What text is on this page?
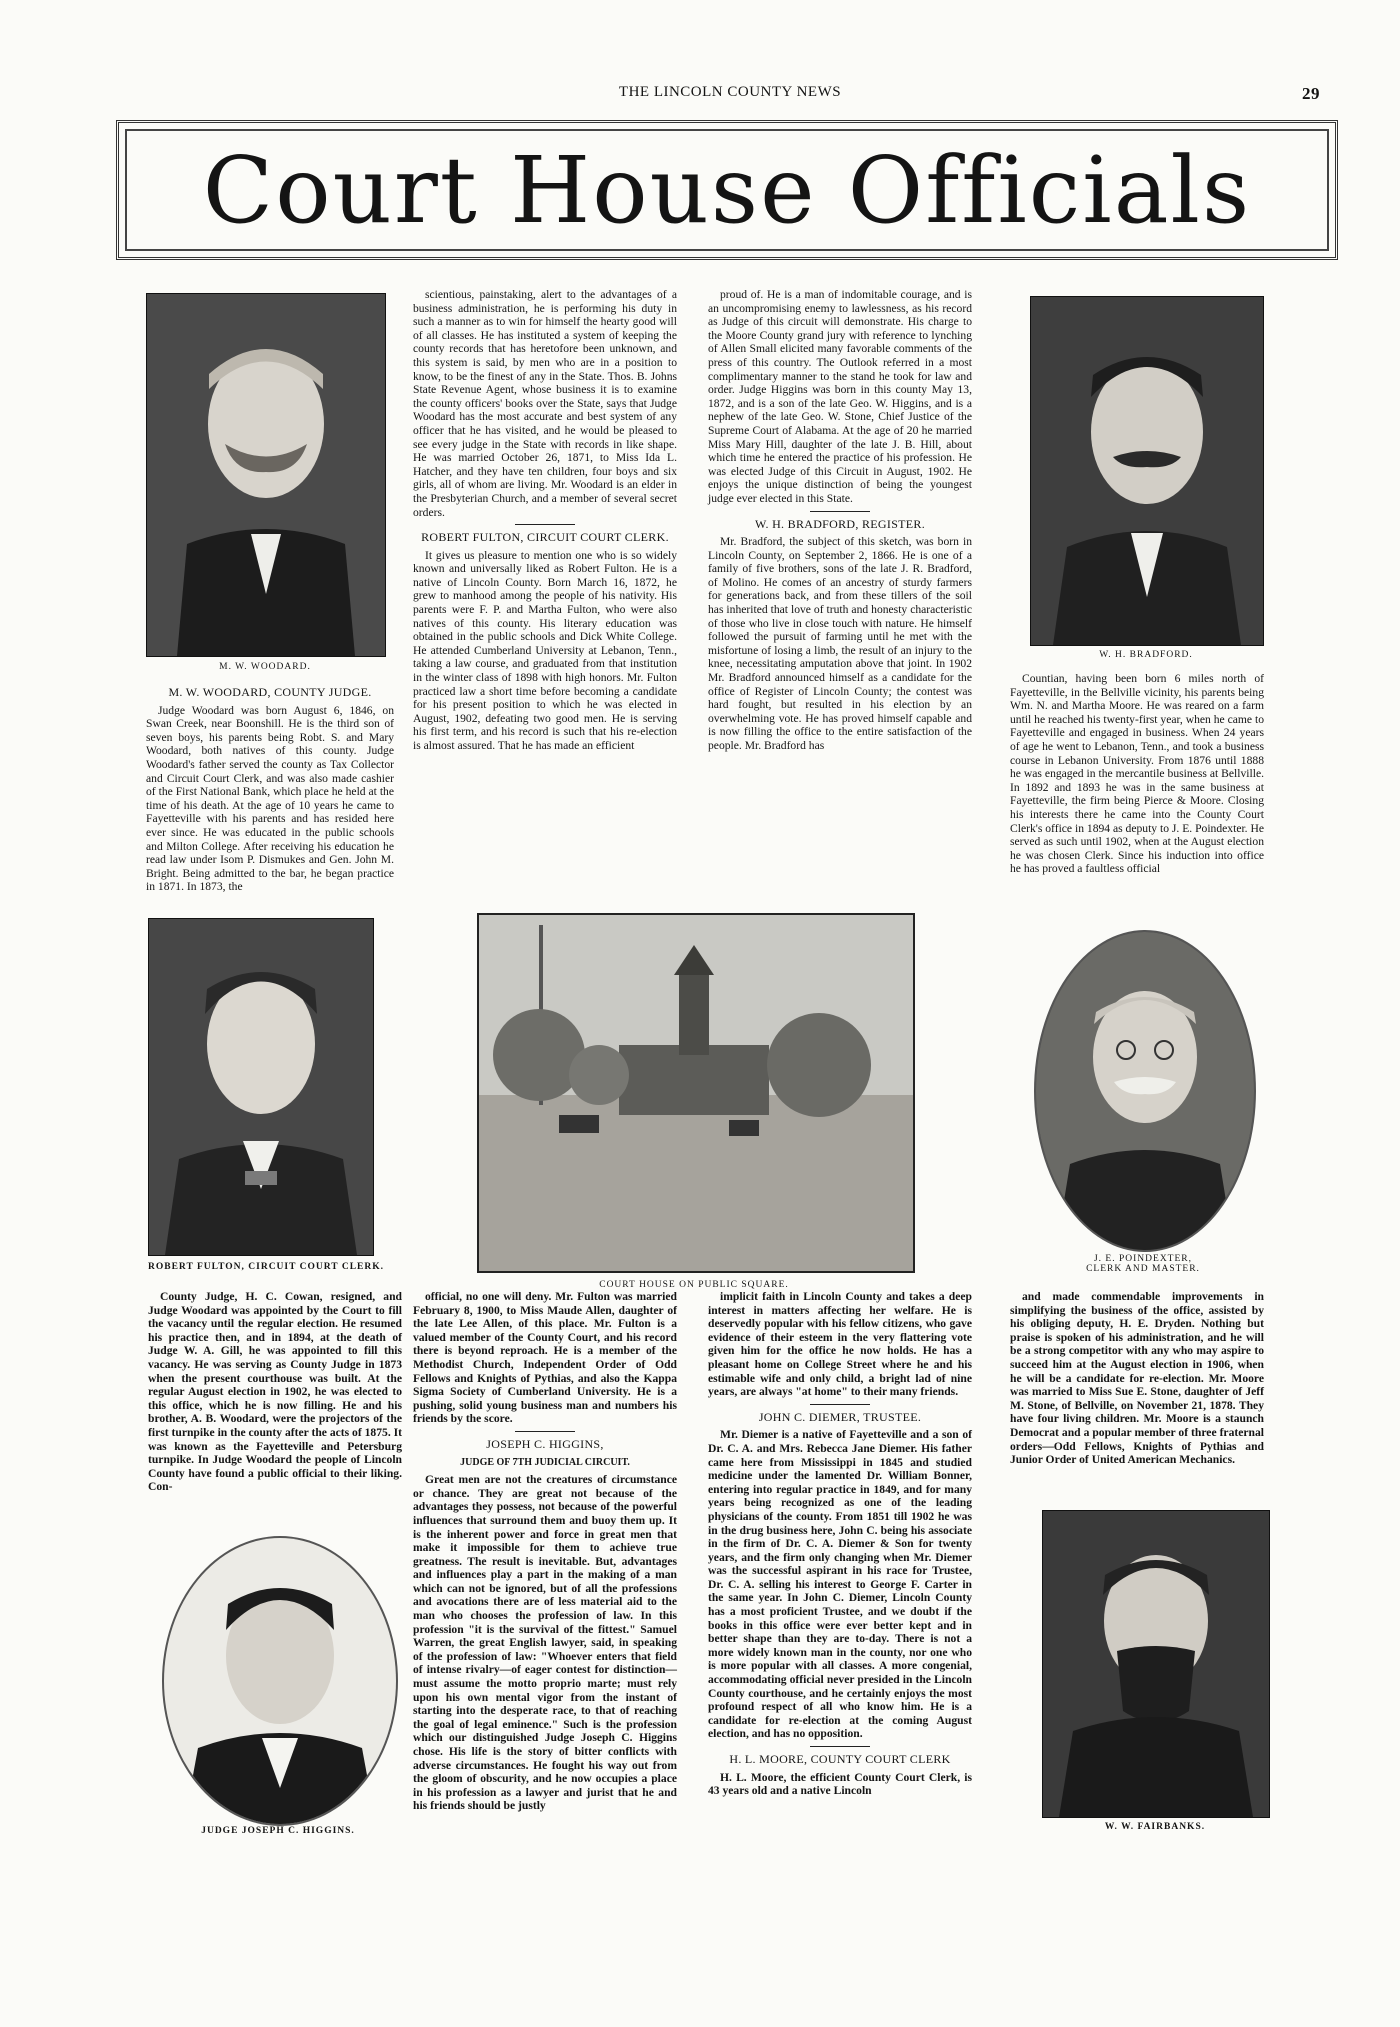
THE LINCOLN COUNTY NEWS	29
Court House Officials
M. W. WOODARD.
M. W. WOODARD, COUNTY JUDGE.

Judge Woodard was born August 6, 1846, on Swan Creek, near Boonshill. He is the third son of seven boys, his parents being Robt. S. and Mary Woodard, both natives of this county. Judge Woodard's father served the county as Tax Collector and Circuit Court Clerk, and was also made cashier of the First National Bank, which place he held at the time of his death. At the age of 10 years he came to Fayetteville with his parents and has resided here ever since. He was educated in the public schools and Milton College. After receiving his education he read law under Isom P. Dismukes and Gen. John M. Bright. Being admitted to the bar, he began practice in 1871. In 1873, the

scientious, painstaking, alert to the advantages of a business administration, he is performing his duty in such a manner as to win for himself the hearty good will of all classes. He has instituted a system of keeping the county records that has heretofore been unknown, and this system is said, by men who are in a position to know, to be the finest of any in the State. Thos. B. Johns State Revenue Agent, whose business it is to examine the county officers' books over the State, says that Judge Woodard has the most accurate and best system of any officer that he has visited, and he would be pleased to see every judge in the State with records in like shape. He was married October 26, 1871, to Miss Ida L. Hatcher, and they have ten children, four boys and six girls, all of whom are living. Mr. Woodard is an elder in the Presbyterian Church, and a member of several secret orders.

ROBERT FULTON, CIRCUIT COURT CLERK.

It gives us pleasure to mention one who is so widely known and universally liked as Robert Fulton. He is a native of Lincoln County. Born March 16, 1872, he grew to manhood among the people of his nativity. His parents were F. P. and Martha Fulton, who were also natives of this county. His literary education was obtained in the public schools and Dick White College. He attended Cumberland University at Lebanon, Tenn., taking a law course, and graduated from that institution in the winter class of 1898 with high honors. Mr. Fulton practiced law a short time before becoming a candidate for his present position to which he was elected in August, 1902, defeating two good men. He is serving his first term, and his record is such that his re-election is almost assured. That he has made an efficient

proud of. He is a man of indomitable courage, and is an uncompromising enemy to lawlessness, as his record as Judge of this circuit will demonstrate. His charge to the Moore County grand jury with reference to lynching of Allen Small elicited many favorable comments of the press of this country. The Outlook referred in a most complimentary manner to the stand he took for law and order. Judge Higgins was born in this county May 13, 1872, and is a son of the late Geo. W. Higgins, and is a nephew of the late Geo. W. Stone, Chief Justice of the Supreme Court of Alabama. At the age of 20 he married Miss Mary Hill, daughter of the late J. B. Hill, about which time he entered the practice of his profession. He was elected Judge of this Circuit in August, 1902. He enjoys the unique distinction of being the youngest judge ever elected in this State.

W. H. BRADFORD, REGISTER.

Mr. Bradford, the subject of this sketch, was born in Lincoln County, on September 2, 1866. He is one of a family of five brothers, sons of the late J. R. Bradford, of Molino. He comes of an ancestry of sturdy farmers for generations back, and from these tillers of the soil has inherited that love of truth and honesty characteristic of those who live in close touch with nature. He himself followed the pursuit of farming until he met with the misfortune of losing a limb, the result of an injury to the knee, necessitating amputation above that joint. In 1902 Mr. Bradford announced himself as a candidate for the office of Register of Lincoln County; the contest was hard fought, but resulted in his election by an overwhelming vote. He has proved himself capable and is now filling the office to the entire satisfaction of the people. Mr. Bradford has

W. H. BRADFORD.

Countian, having been born 6 miles north of Fayetteville, in the Bellville vicinity, his parents being Wm. N. and Martha Moore. He was reared on a farm until he reached his twenty-first year, when he came to Fayetteville and engaged in business. When 24 years of age he went to Lebanon, Tenn., and took a business course in Lebanon University. From 1876 until 1888 he was engaged in the mercantile business at Bellville. In 1892 and 1893 he was in the same business at Fayetteville, the firm being Pierce & Moore. Closing his interests there he came into the County Court Clerk's office in 1894 as deputy to J. E. Poindexter. He served as such until 1902, when at the August election he was chosen Clerk. Since his induction into office he has proved a faultless official

ROBERT FULTON, CIRCUIT COURT CLERK.
COURT HOUSE ON PUBLIC SQUARE.
J. E. POINDEXTER,
CLERK AND MASTER.

County Judge, H. C. Cowan, resigned, and Judge Woodard was appointed by the Court to fill the vacancy until the regular election. He resumed his practice then, and in 1894, at the death of Judge W. A. Gill, he was appointed to fill this vacancy. He was serving as County Judge in 1873 when the present courthouse was built. At the regular August election in 1902, he was elected to this office, which he is now filling. He and his brother, A. B. Woodard, were the projectors of the first turnpike in the county after the acts of 1875. It was known as the Fayetteville and Petersburg turnpike. In Judge Woodard the people of Lincoln County have found a public official to their liking. Con-

JUDGE JOSEPH C. HIGGINS.

official, no one will deny. Mr. Fulton was married February 8, 1900, to Miss Maude Allen, daughter of the late Lee Allen, of this place. Mr. Fulton is a valued member of the County Court, and his record there is beyond reproach. He is a member of the Methodist Church, Independent Order of Odd Fellows and Knights of Pythias, and also the Kappa Sigma Society of Cumberland University. He is a pushing, solid young business man and numbers his friends by the score.

JOSEPH C. HIGGINS,
JUDGE OF 7TH JUDICIAL CIRCUIT.

Great men are not the creatures of circumstance or chance. They are great not because of the advantages they possess, not because of the powerful influences that surround them and buoy them up. It is the inherent power and force in great men that make it impossible for them to achieve true greatness. The result is inevitable. But, advantages and influences play a part in the making of a man which can not be ignored, but of all the professions and avocations there are of less material aid to the man who chooses the profession of law. In this profession "it is the survival of the fittest." Samuel Warren, the great English lawyer, said, in speaking of the profession of law: "Whoever enters that field of intense rivalry—of eager contest for distinction—must assume the motto proprio marte; must rely upon his own mental vigor from the instant of starting into the desperate race, to that of reaching the goal of legal eminence." Such is the profession which our distinguished Judge Joseph C. Higgins chose. His life is the story of bitter conflicts with adverse circumstances. He fought his way out from the gloom of obscurity, and he now occupies a place in his profession as a lawyer and jurist that he and his friends should be justly

implicit faith in Lincoln County and takes a deep interest in matters affecting her welfare. He is deservedly popular with his fellow citizens, who gave evidence of their esteem in the very flattering vote given him for the office he now holds. He has a pleasant home on College Street where he and his estimable wife and only child, a bright lad of nine years, are always "at home" to their many friends.

JOHN C. DIEMER, TRUSTEE.

Mr. Diemer is a native of Fayetteville and a son of Dr. C. A. and Mrs. Rebecca Jane Diemer. His father came here from Mississippi in 1845 and studied medicine under the lamented Dr. William Bonner, entering into regular practice in 1849, and for many years being recognized as one of the leading physicians of the county. From 1851 till 1902 he was in the drug business here, John C. being his associate in the firm of Dr. C. A. Diemer & Son for twenty years, and the firm only changing when Mr. Diemer was the successful aspirant in his race for Trustee, Dr. C. A. selling his interest to George F. Carter in the same year. In John C. Diemer, Lincoln County has a most proficient Trustee, and we doubt if the books in this office were ever better kept and in better shape than they are to-day. There is not a more widely known man in the county, nor one who is more popular with all classes. A more congenial, accommodating official never presided in the Lincoln County courthouse, and he certainly enjoys the most profound respect of all who know him. He is a candidate for re-election at the coming August election, and has no opposition.

H. L. MOORE, COUNTY COURT CLERK

H. L. Moore, the efficient County Court Clerk, is 43 years old and a native Lincoln

and made commendable improvements in simplifying the business of the office, assisted by his obliging deputy, H. E. Dryden. Nothing but praise is spoken of his administration, and he will be a strong competitor with any who may aspire to succeed him at the August election in 1906, when he will be a candidate for re-election. Mr. Moore was married to Miss Sue E. Stone, daughter of Jeff M. Stone, of Bellville, on November 21, 1878. They have four living children. Mr. Moore is a staunch Democrat and a popular member of three fraternal orders—Odd Fellows, Knights of Pythias and Junior Order of United American Mechanics.

W. W. FAIRBANKS.
